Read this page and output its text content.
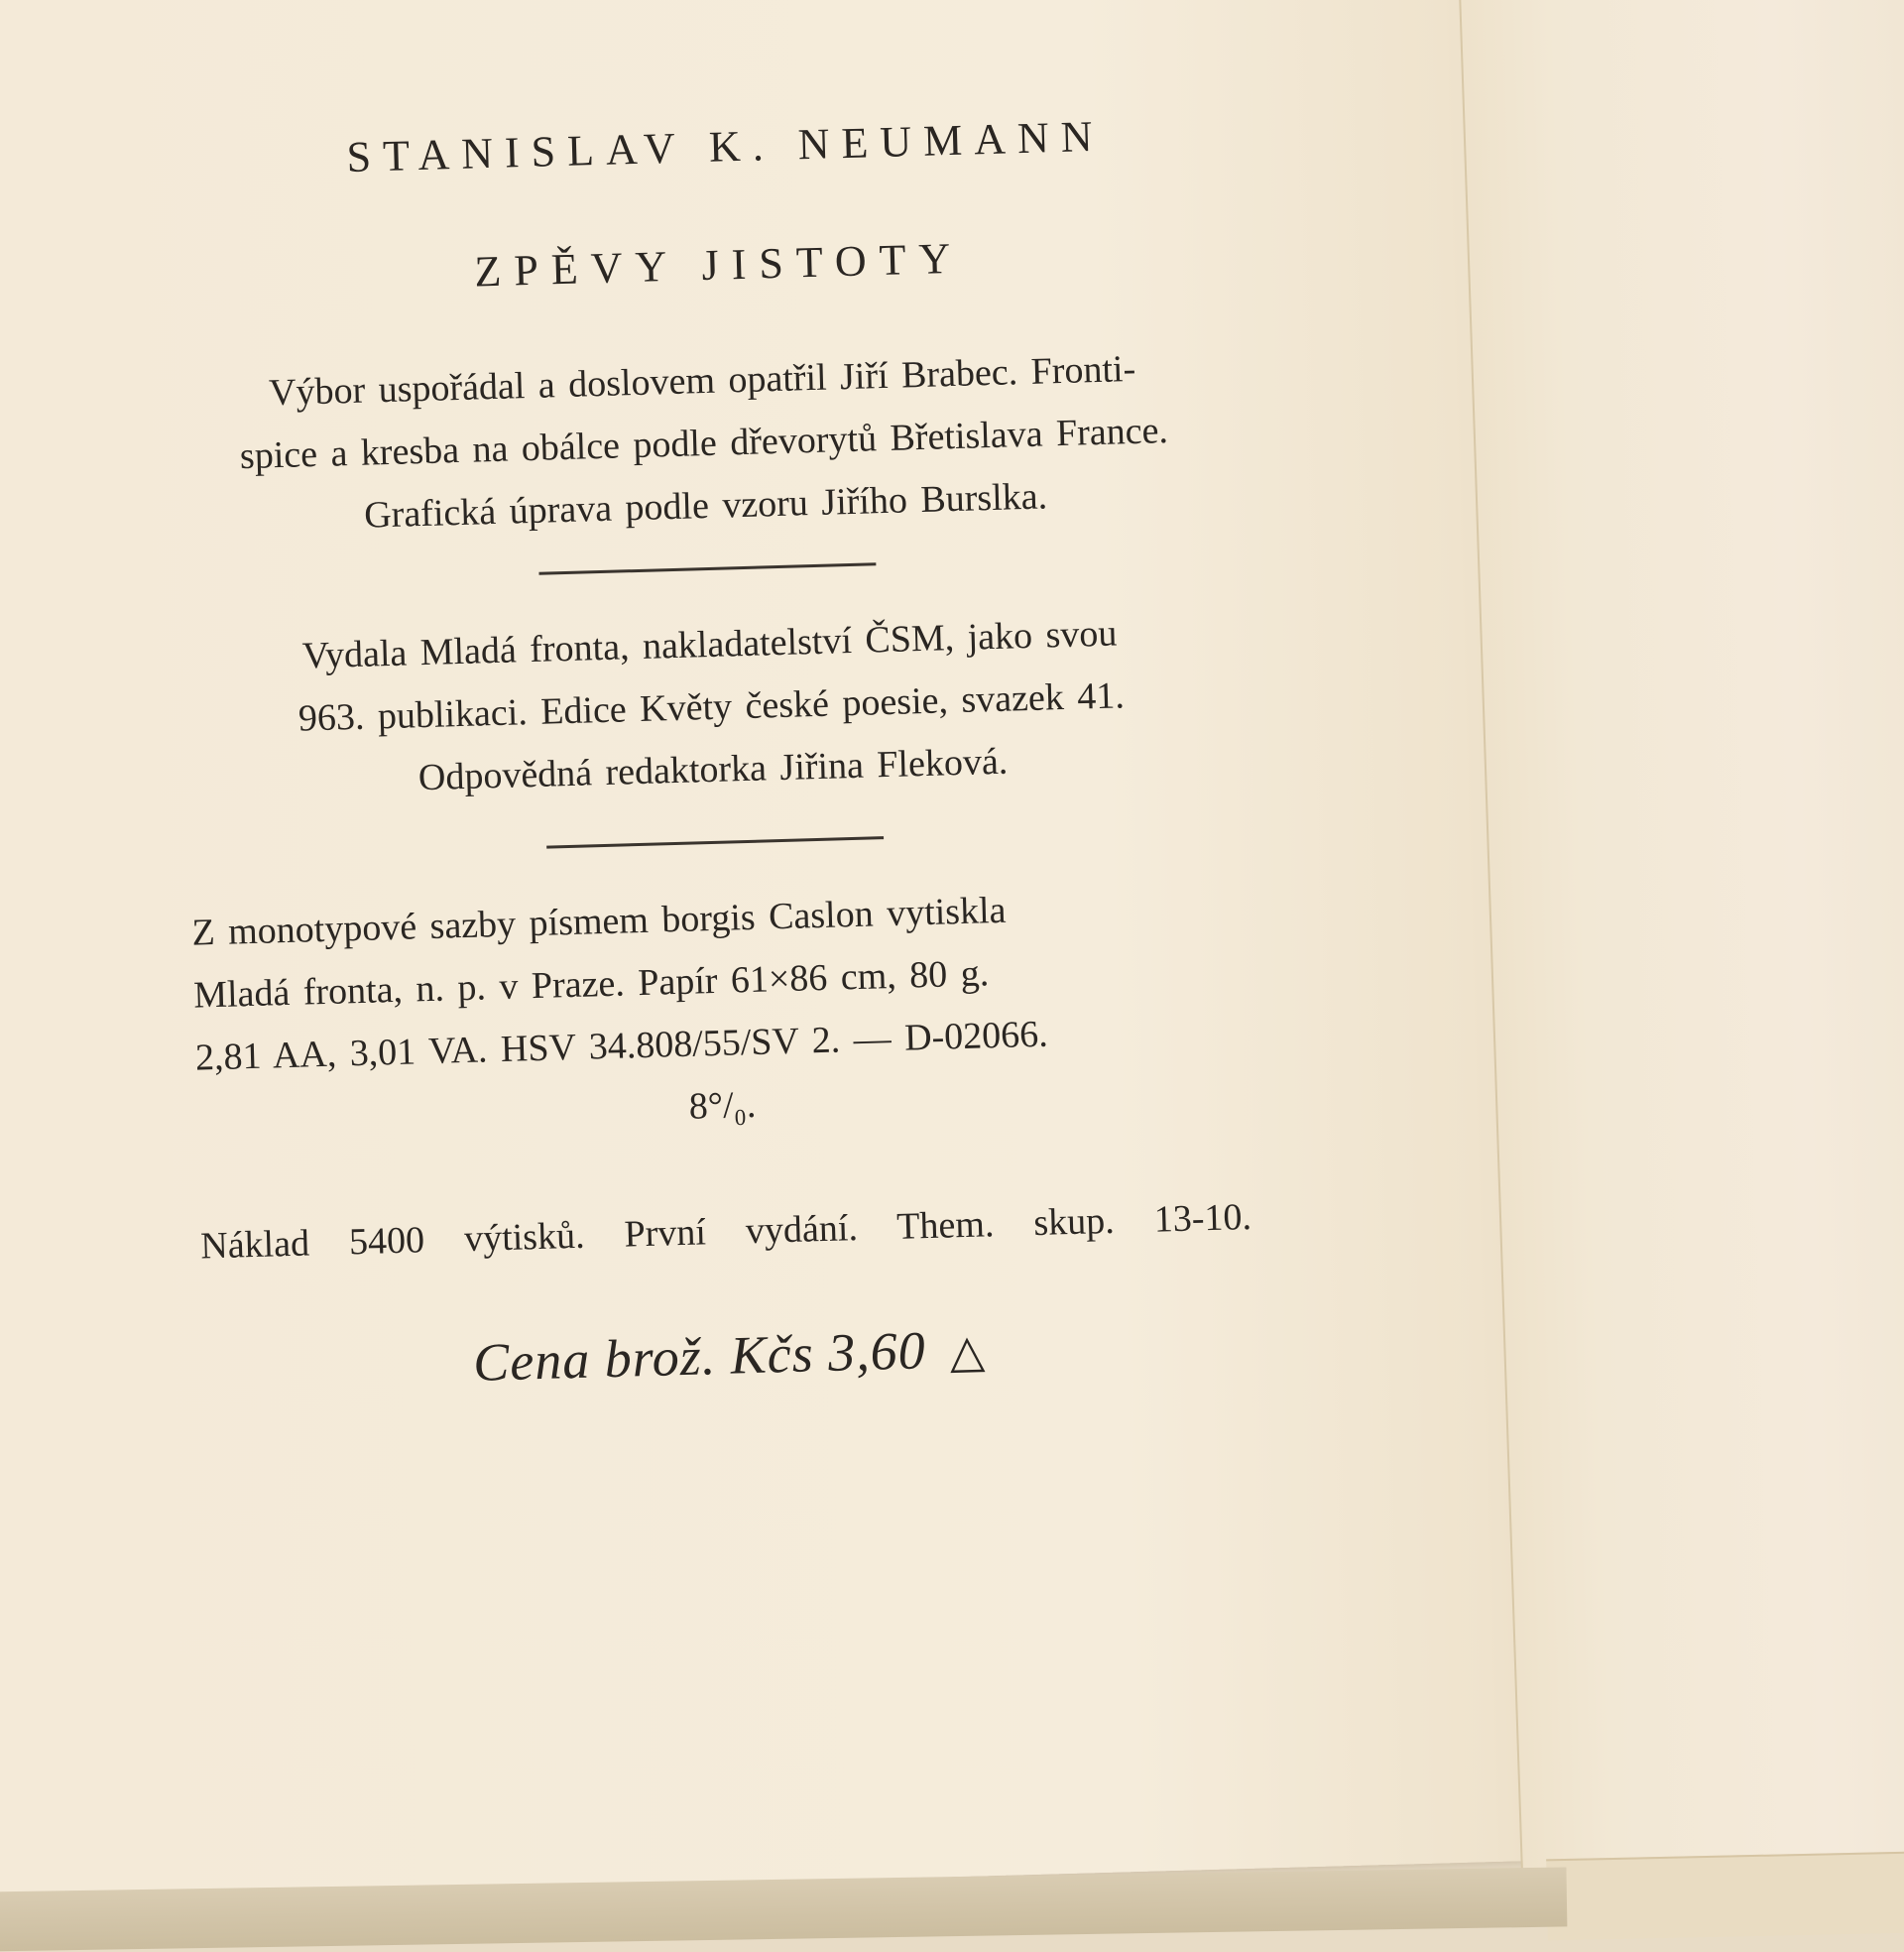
STANISLAV K. NEUMANN
ZPĚVY JISTOTY
Výbor uspořádal a doslovem opatřil Jiří Brabec. Fronti-
spice a kresba na obálce podle dřevorytů Břetislava France.
Grafická úprava podle vzoru Jiřího Burslka.
Vydala Mladá fronta, nakladatelství ČSM, jako svou
963. publikaci. Edice Květy české poesie, svazek 41.
Odpovědná redaktorka Jiřina Fleková.
Z monotypové sazby písmem borgis Caslon vytiskla
Mladá fronta, n. p. v Praze. Papír 61×86 cm, 80 g.
2,81 AA, 3,01 VA. HSV 34.808/55/SV 2. — D-02066.
8°/₀.
Náklad 5400 výtisků. První vydání. Them. skup. 13-10.
Cena brož. Kčs 3,60 △
